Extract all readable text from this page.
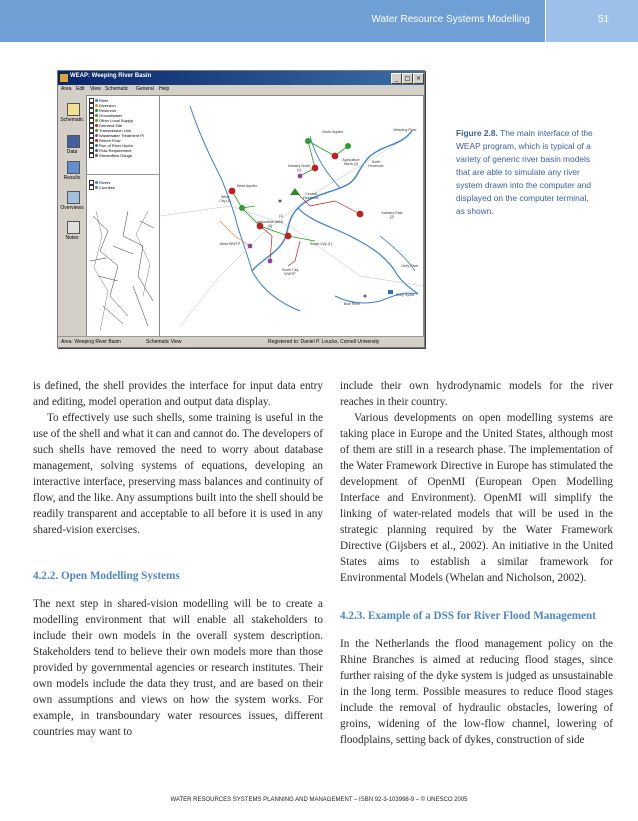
Water Resource Systems Modelling	51
WEAP: Weeping River Basin	_	□ ×
Area Edit View Schematic General Help
Schematic
Data
Results
Overviews
Notes
River
Diversion
Reservoir
Groundwater
Other Local Supply
Demand Site
Transmission Link
Wastewater Treatment Pl
Return Flow
Run of River Hydro
Flow Requirement
Streamflow Gauge
Rivers
Counties
North Aquifer
Industry North (1)
Agriculture North (3)	North Reservoir
Weeping River
West Aquifer
West City (1)
Central Reservoir
Industry East (2)
(1)
Agriculture West (3)
West WWTP	South City (1)
South City WWTP
Grey River
Blue River
Grey Hydro
Area: Weeping River Basin	Schematic View	Registered to: Daniel P. Loucks, Cornell University
Figure 2.8. The main interface of the
WEAP program, which is typical of a
variety of generic river basin models
that are able to simulate any river
system drawn into the computer and
displayed on the computer terminal,
as shown.

is defined, the shell provides the interface for input data entry and editing, model operation and output data display.

To effectively use such shells, some training is useful in the use of the shell and what it can and cannot do. The developers of such shells have removed the need to worry about database management, solving systems of equations, developing an interactive interface, preserving mass balances and continuity of flow, and the like. Any assumptions built into the shell should be readily transparent and acceptable to all before it is used in any shared-vision exercises.

4.2.2. Open Modelling Systems

The next step in shared-vision modelling will be to create a modelling environment that will enable all stakeholders to include their own models in the overall system description. Stakeholders tend to believe their own models more than those provided by governmental agencies or research institutes. Their own models include the data they trust, and are based on their own assumptions and views on how the system works. For example, in transboundary water resources issues, different countries may want to

include their own hydrodynamic models for the river reaches in their country.

Various developments on open modelling systems are taking place in Europe and the United States, although most of them are still in a research phase. The implementation of the Water Framework Directive in Europe has stimulated the development of OpenMI (European Open Modelling Interface and Environment). OpenMI will simplify the linking of water-related models that will be used in the strategic planning required by the Water Framework Directive (Gijsbers et al., 2002). An initiative in the United States aims to establish a similar framework for Environmental Models (Whelan and Nicholson, 2002).

4.2.3. Example of a DSS for River Flood Management

In the Netherlands the flood management policy on the Rhine Branches is aimed at reducing flood stages, since further raising of the dyke system is judged as unsustainable in the long term. Possible measures to reduce flood stages include the removal of hydraulic obstacles, lowering of groins, widening of the low-flow channel, lowering of floodplains, setting back of dykes, construction of side

WATER RESOURCES SYSTEMS PLANNING AND MANAGEMENT – ISBN 92-3-103998-9 – © UNESCO 2005
